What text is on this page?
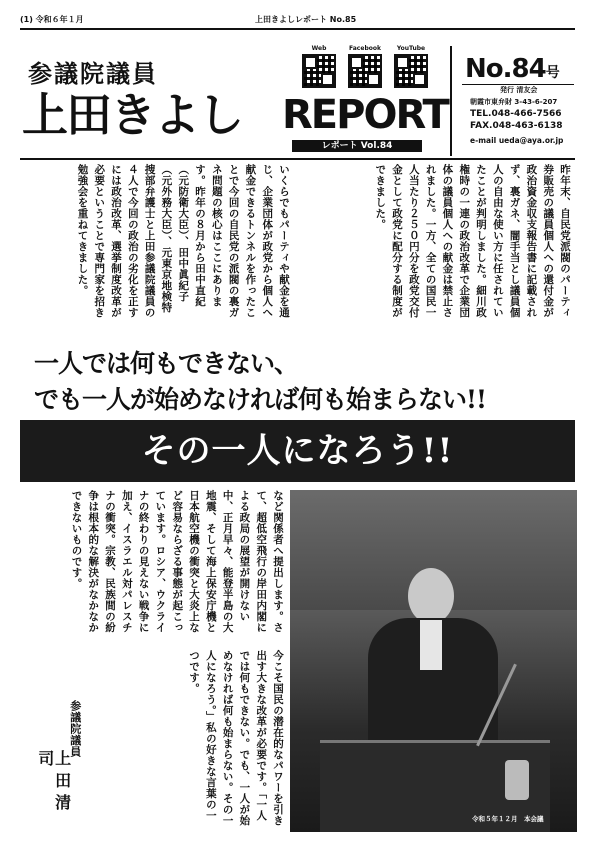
(1) 令和６年１月	上田きよしレポート No.85
参議院議員
上田きよし REPORT
レポート Vol.84
Web	Facebook	YouTube
No.84号
発行 清友会
朝霞市東弁財 3-43-6-207
TEL.048-466-7566
FAX.048-463-6138
e-mail ueda@aya.or.jp
昨年末、自民党派閥のパーティ券販売の議員個人への還付金が政治資金収支報告書に記載されず、裏ガネ、闇手当とし議員個人の自由な使い方に任されていたことが判明しました。細川政権時の一連の政治改革で企業団体の議員個人への献金は禁止されました。一方、全ての国民一人当たり２５０円分を政党交付金として政党に配分する制度ができました。
いくらでもパーティや献金を通じ、企業団体が政党から個人へ献金できるトンネルを作ったことで今回の自民党の派閥の裏ガネ問題の核心はここにあります。昨年の８月から田中直紀（元防衛大臣）、田中眞紀子（元外務大臣）、元東京地検特捜部弁護士と上田参議院議員の４人で今回の政治の劣化を正すには政治改革、選挙制度改革が必要ということで専門家を招き勉強会を重ねてきました。
一人では何もできない、
でも一人が始めなければ何も始まらない!!
その一人になろう!!
令和５年１２月　本会議
など関係者へ提出します。さて、超低空飛行の岸田内閣による政局の展望が開けない中、正月早々、能登半島の大地震、そして海上保安庁機と日本航空機の衝突と大炎上など容易ならざる事態が起こっています。ロシア、ウクライナの終わりの見えない戦争に加え、イスラエル対パレスチナの衝突。宗教、民族間の紛争は根本的な解決がなかなかできないものです。
今こそ国民の潜在的なパワーを引き出す大きな改革が必要です。「一人では何もできない。でも、一人が始めなければ何も始まらない。その一人になろう。」私の好きな言葉の一つです。
参議院議員
上田清司
